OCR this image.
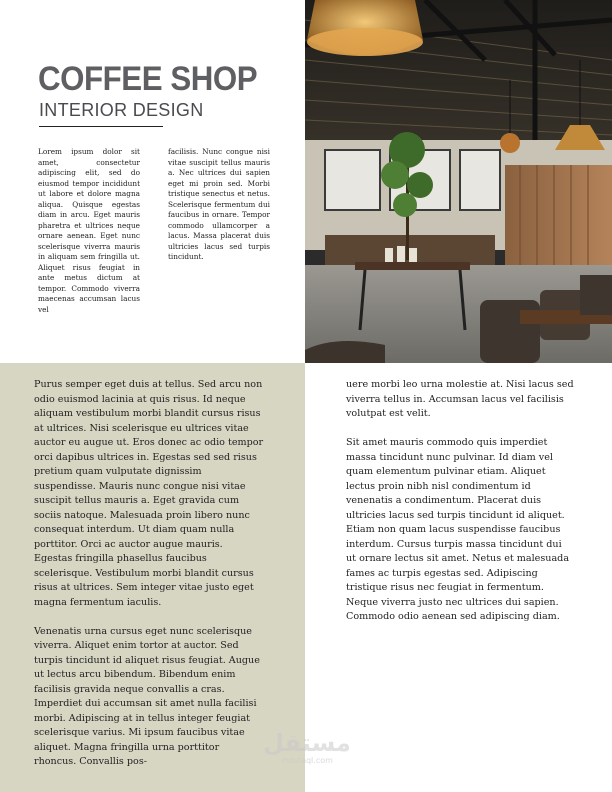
COFFEE SHOP
INTERIOR DESIGN
Lorem ipsum dolor sit amet, consectetur adipiscing elit, sed do eiusmod tempor incididunt ut labore et dolore magna aliqua. Quisque egestas diam in arcu. Eget mauris pharetra et ultrices neque ornare aenean. Eget nunc scelerisque viverra mauris in aliquam sem fringilla ut. Aliquet risus feugiat in ante metus dictum at tempor. Commodo viverra maecenas accumsan lacus vel
facilisis. Nunc congue nisi vitae suscipit tellus mauris a. Nec ultrices dui sapien eget mi proin sed. Morbi tristique senectus et netus. Scelerisque fermentum dui faucibus in ornare. Tempor commodo ullamcorper a lacus. Massa placerat duis ultricies lacus sed turpis tincidunt.

Purus semper eget duis at tellus. Sed arcu non odio euismod lacinia at quis risus. Id neque aliquam vestibulum morbi blandit cursus risus at ultrices. Nisi scelerisque eu ultrices vitae auctor eu augue ut. Eros donec ac odio tempor orci dapibus ultrices in. Egestas sed sed risus pretium quam vulputate dignissim suspendisse. Mauris nunc congue nisi vitae suscipit tellus mauris a. Eget gravida cum sociis natoque. Malesuada proin libero nunc consequat interdum. Ut diam quam nulla porttitor. Orci ac auctor augue mauris. Egestas fringilla phasellus faucibus scelerisque. Vestibulum morbi blandit cursus risus at ultrices. Sem integer vitae justo eget magna fermentum iaculis.

Venenatis urna cursus eget nunc scelerisque viverra. Aliquet enim tortor at auctor. Sed turpis tincidunt id aliquet risus feugiat. Augue ut lectus arcu bibendum. Bibendum enim facilisis gravida neque convallis a cras. Imperdiet dui accumsan sit amet nulla facilisi morbi. Adipiscing at in tellus integer feugiat scelerisque varius. Mi ipsum faucibus vitae aliquet. Magna fringilla urna porttitor rhoncus. Convallis pos-

uere morbi leo urna molestie at. Nisi lacus sed viverra tellus in. Accumsan lacus vel facilisis volutpat est velit.

Sit amet mauris commodo quis imperdiet massa tincidunt nunc pulvinar. Id diam vel quam elementum pulvinar etiam. Aliquet lectus proin nibh nisl condimentum id venenatis a condimentum. Placerat duis ultricies lacus sed turpis tincidunt id aliquet. Etiam non quam lacus suspendisse faucibus interdum. Cursus turpis massa tincidunt dui ut ornare lectus sit amet. Netus et malesuada fames ac turpis egestas sed. Adipiscing tristique risus nec feugiat in fermentum. Neque viverra justo nec ultrices dui sapien. Commodo odio aenean sed adipiscing diam.

مستقل
mostaql.com
